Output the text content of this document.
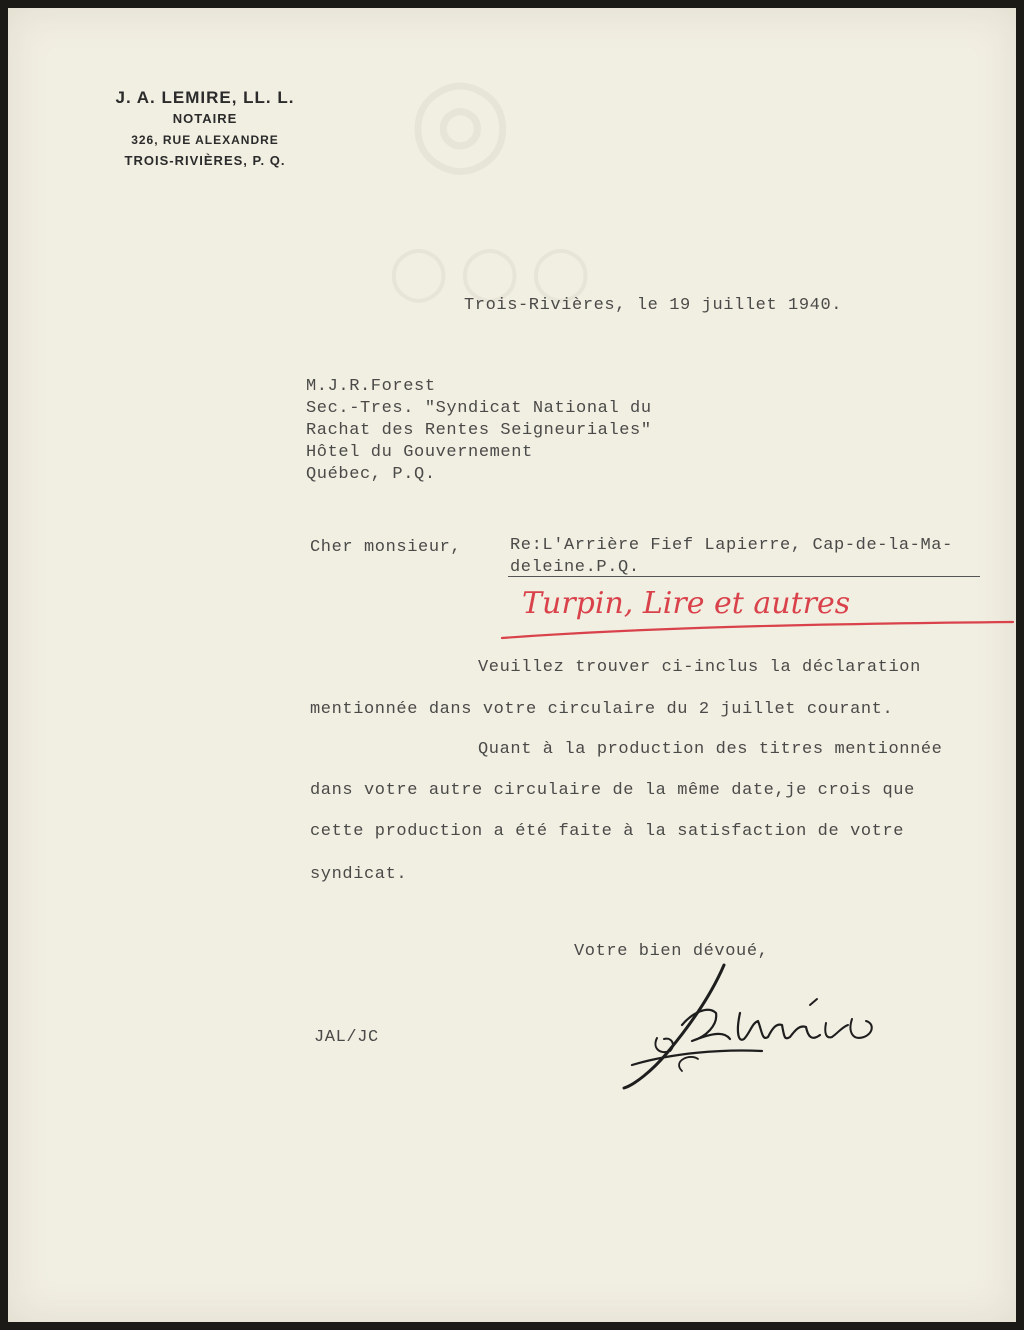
◎
○○○
J. A. LEMIRE, LL. L.
NOTAIRE
326, RUE ALEXANDRE
TROIS-RIVIÈRES, P. Q.
Trois-Rivières, le 19 juillet 1940.
M.J.R.Forest
Sec.-Tres. "Syndicat National du
Rachat des Rentes Seigneuriales"
Hôtel du Gouvernement
Québec, P.Q.
Cher monsieur,	Re:L'Arrière Fief Lapierre, Cap-de-la-Ma-
deleine.P.Q.
Turpin, Lire et autres
Veuillez trouver ci-inclus la déclaration
mentionnée dans votre circulaire du 2 juillet courant.
Quant à la production des titres mentionnée
dans votre autre circulaire de la même date,je crois que
cette production a été faite à la satisfaction de votre
syndicat.
Votre bien dévoué,
JAL/JC
